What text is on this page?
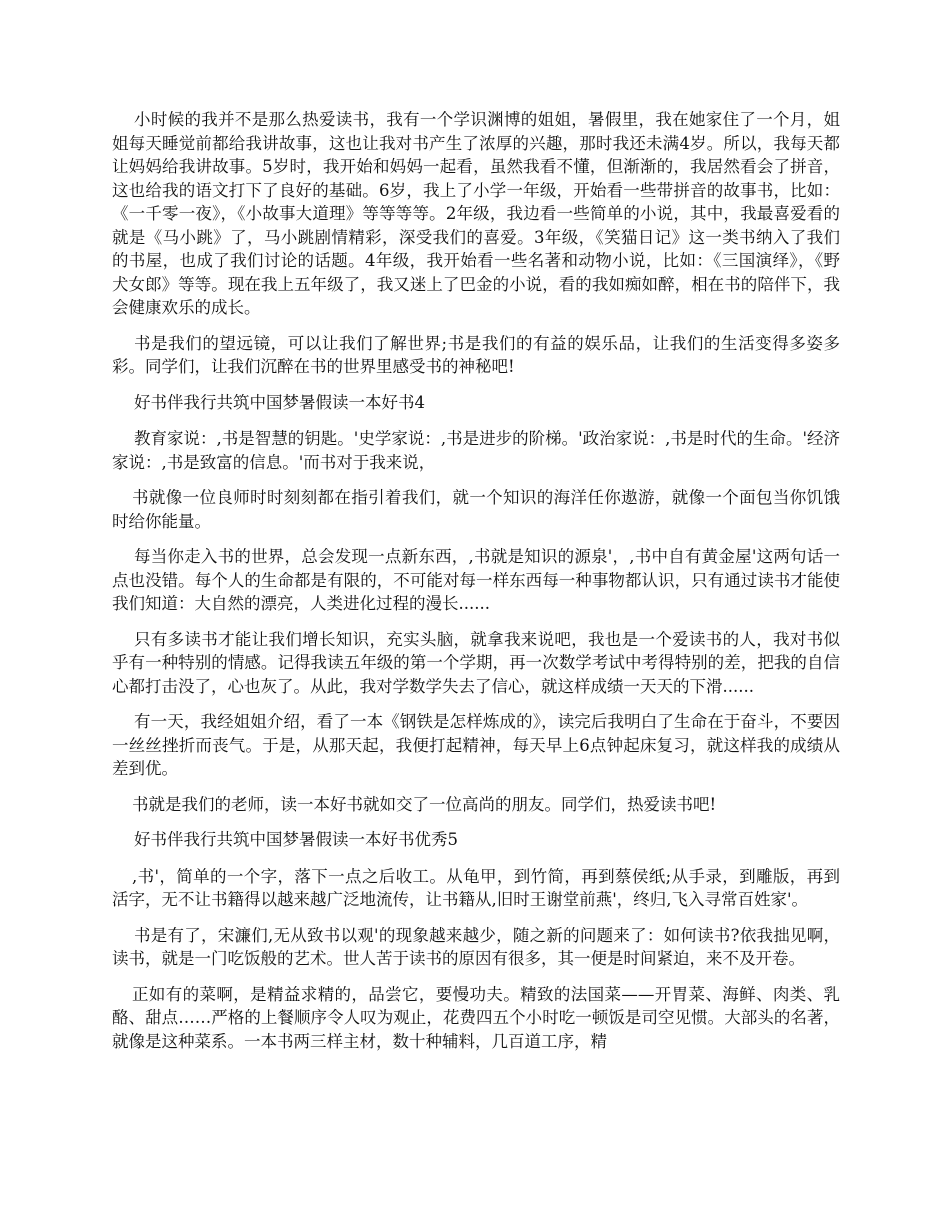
小时候的我并不是那么热爱读书，我有一个学识渊博的姐姐，暑假里，我在她家住了一个月，姐姐每天睡觉前都给我讲故事，这也让我对书产生了浓厚的兴趣，那时我还未满4岁。所以，我每天都让妈妈给我讲故事。5岁时，我开始和妈妈一起看，虽然我看不懂，但渐渐的，我居然看会了拼音，这也给我的语文打下了良好的基础。6岁，我上了小学一年级，开始看一些带拼音的故事书，比如：《一千零一夜》，《小故事大道理》等等等等。2年级，我边看一些简单的小说，其中，我最喜爱看的就是《马小跳》了，马小跳剧情精彩，深受我们的喜爱。3年级，《笑猫日记》这一类书纳入了我们的书屋，也成了我们讨论的话题。4年级，我开始看一些名著和动物小说，比如：《三国演绎》，《野犬女郎》等等。现在我上五年级了，我又迷上了巴金的小说，看的我如痴如醉，相在书的陪伴下，我会健康欢乐的成长。

书是我们的望远镜，可以让我们了解世界;书是我们的有益的娱乐品，让我们的生活变得多姿多彩。同学们，让我们沉醉在书的世界里感受书的神秘吧!

好书伴我行共筑中国梦暑假读一本好书4

教育家说：,书是智慧的钥匙。'史学家说：,书是进步的阶梯。'政治家说：,书是时代的生命。'经济家说：,书是致富的信息。'而书对于我来说，

书就像一位良师时时刻刻都在指引着我们，就一个知识的海洋任你遨游，就像一个面包当你饥饿时给你能量。

每当你走入书的世界，总会发现一点新东西，,书就是知识的源泉'，,书中自有黄金屋'这两句话一点也没错。每个人的生命都是有限的，不可能对每一样东西每一种事物都认识，只有通过读书才能使我们知道：大自然的漂亮，人类进化过程的漫长......

只有多读书才能让我们增长知识，充实头脑，就拿我来说吧，我也是一个爱读书的人，我对书似乎有一种特别的情感。记得我读五年级的第一个学期，再一次数学考试中考得特别的差，把我的自信心都打击没了，心也灰了。从此，我对学数学失去了信心，就这样成绩一天天的下滑......

有一天，我经姐姐介绍，看了一本《钢铁是怎样炼成的》，读完后我明白了生命在于奋斗，不要因一丝丝挫折而丧气。于是，从那天起，我便打起精神，每天早上6点钟起床复习，就这样我的成绩从差到优。

书就是我们的老师，读一本好书就如交了一位高尚的朋友。同学们，热爱读书吧!

好书伴我行共筑中国梦暑假读一本好书优秀5

,书'，简单的一个字，落下一点之后收工。从龟甲，到竹简，再到蔡侯纸;从手录，到雕版，再到活字，无不让书籍得以越来越广泛地流传，让书籍从,旧时王谢堂前燕'，终归,飞入寻常百姓家'。

书是有了，宋濂们,无从致书以观'的现象越来越少，随之新的问题来了：如何读书?依我拙见啊，读书，就是一门吃饭般的艺术。世人苦于读书的原因有很多，其一便是时间紧迫，来不及开卷。

正如有的菜啊，是精益求精的，品尝它，要慢功夫。精致的法国菜——开胃菜、海鲜、肉类、乳酪、甜点……严格的上餐顺序令人叹为观止，花费四五个小时吃一顿饭是司空见惯。大部头的名著，就像是这种菜系。一本书两三样主材，数十种辅料，几百道工序，精
